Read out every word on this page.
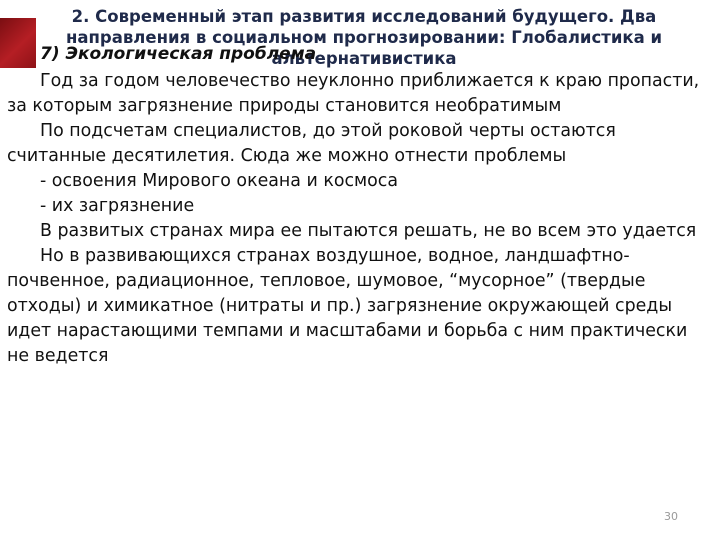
2. Современный этап развития исследований будущего. Два направления в социальном прогнозировании: Глобалистика и альтернативистика
7) Экологическая проблема

Год за годом человечество неуклонно приближается к краю пропасти, за которым загрязнение природы становится необратимым

По подсчетам специалистов, до этой роковой черты остаются считанные десятилетия. Сюда же можно отнести проблемы

- освоения Мирового океана и космоса

- их загрязнение

В развитых странах мира ее пытаются решать, не во всем это удается

Но в развивающихся странах воздушное, водное, ландшафтно-почвенное, радиационное, тепловое, шумовое, “мусорное” (твердые отходы) и химикатное (нитраты и пр.) загрязнение окружающей среды идет нарастающими темпами и масштабами и борьба с ним практически не ведется

30
